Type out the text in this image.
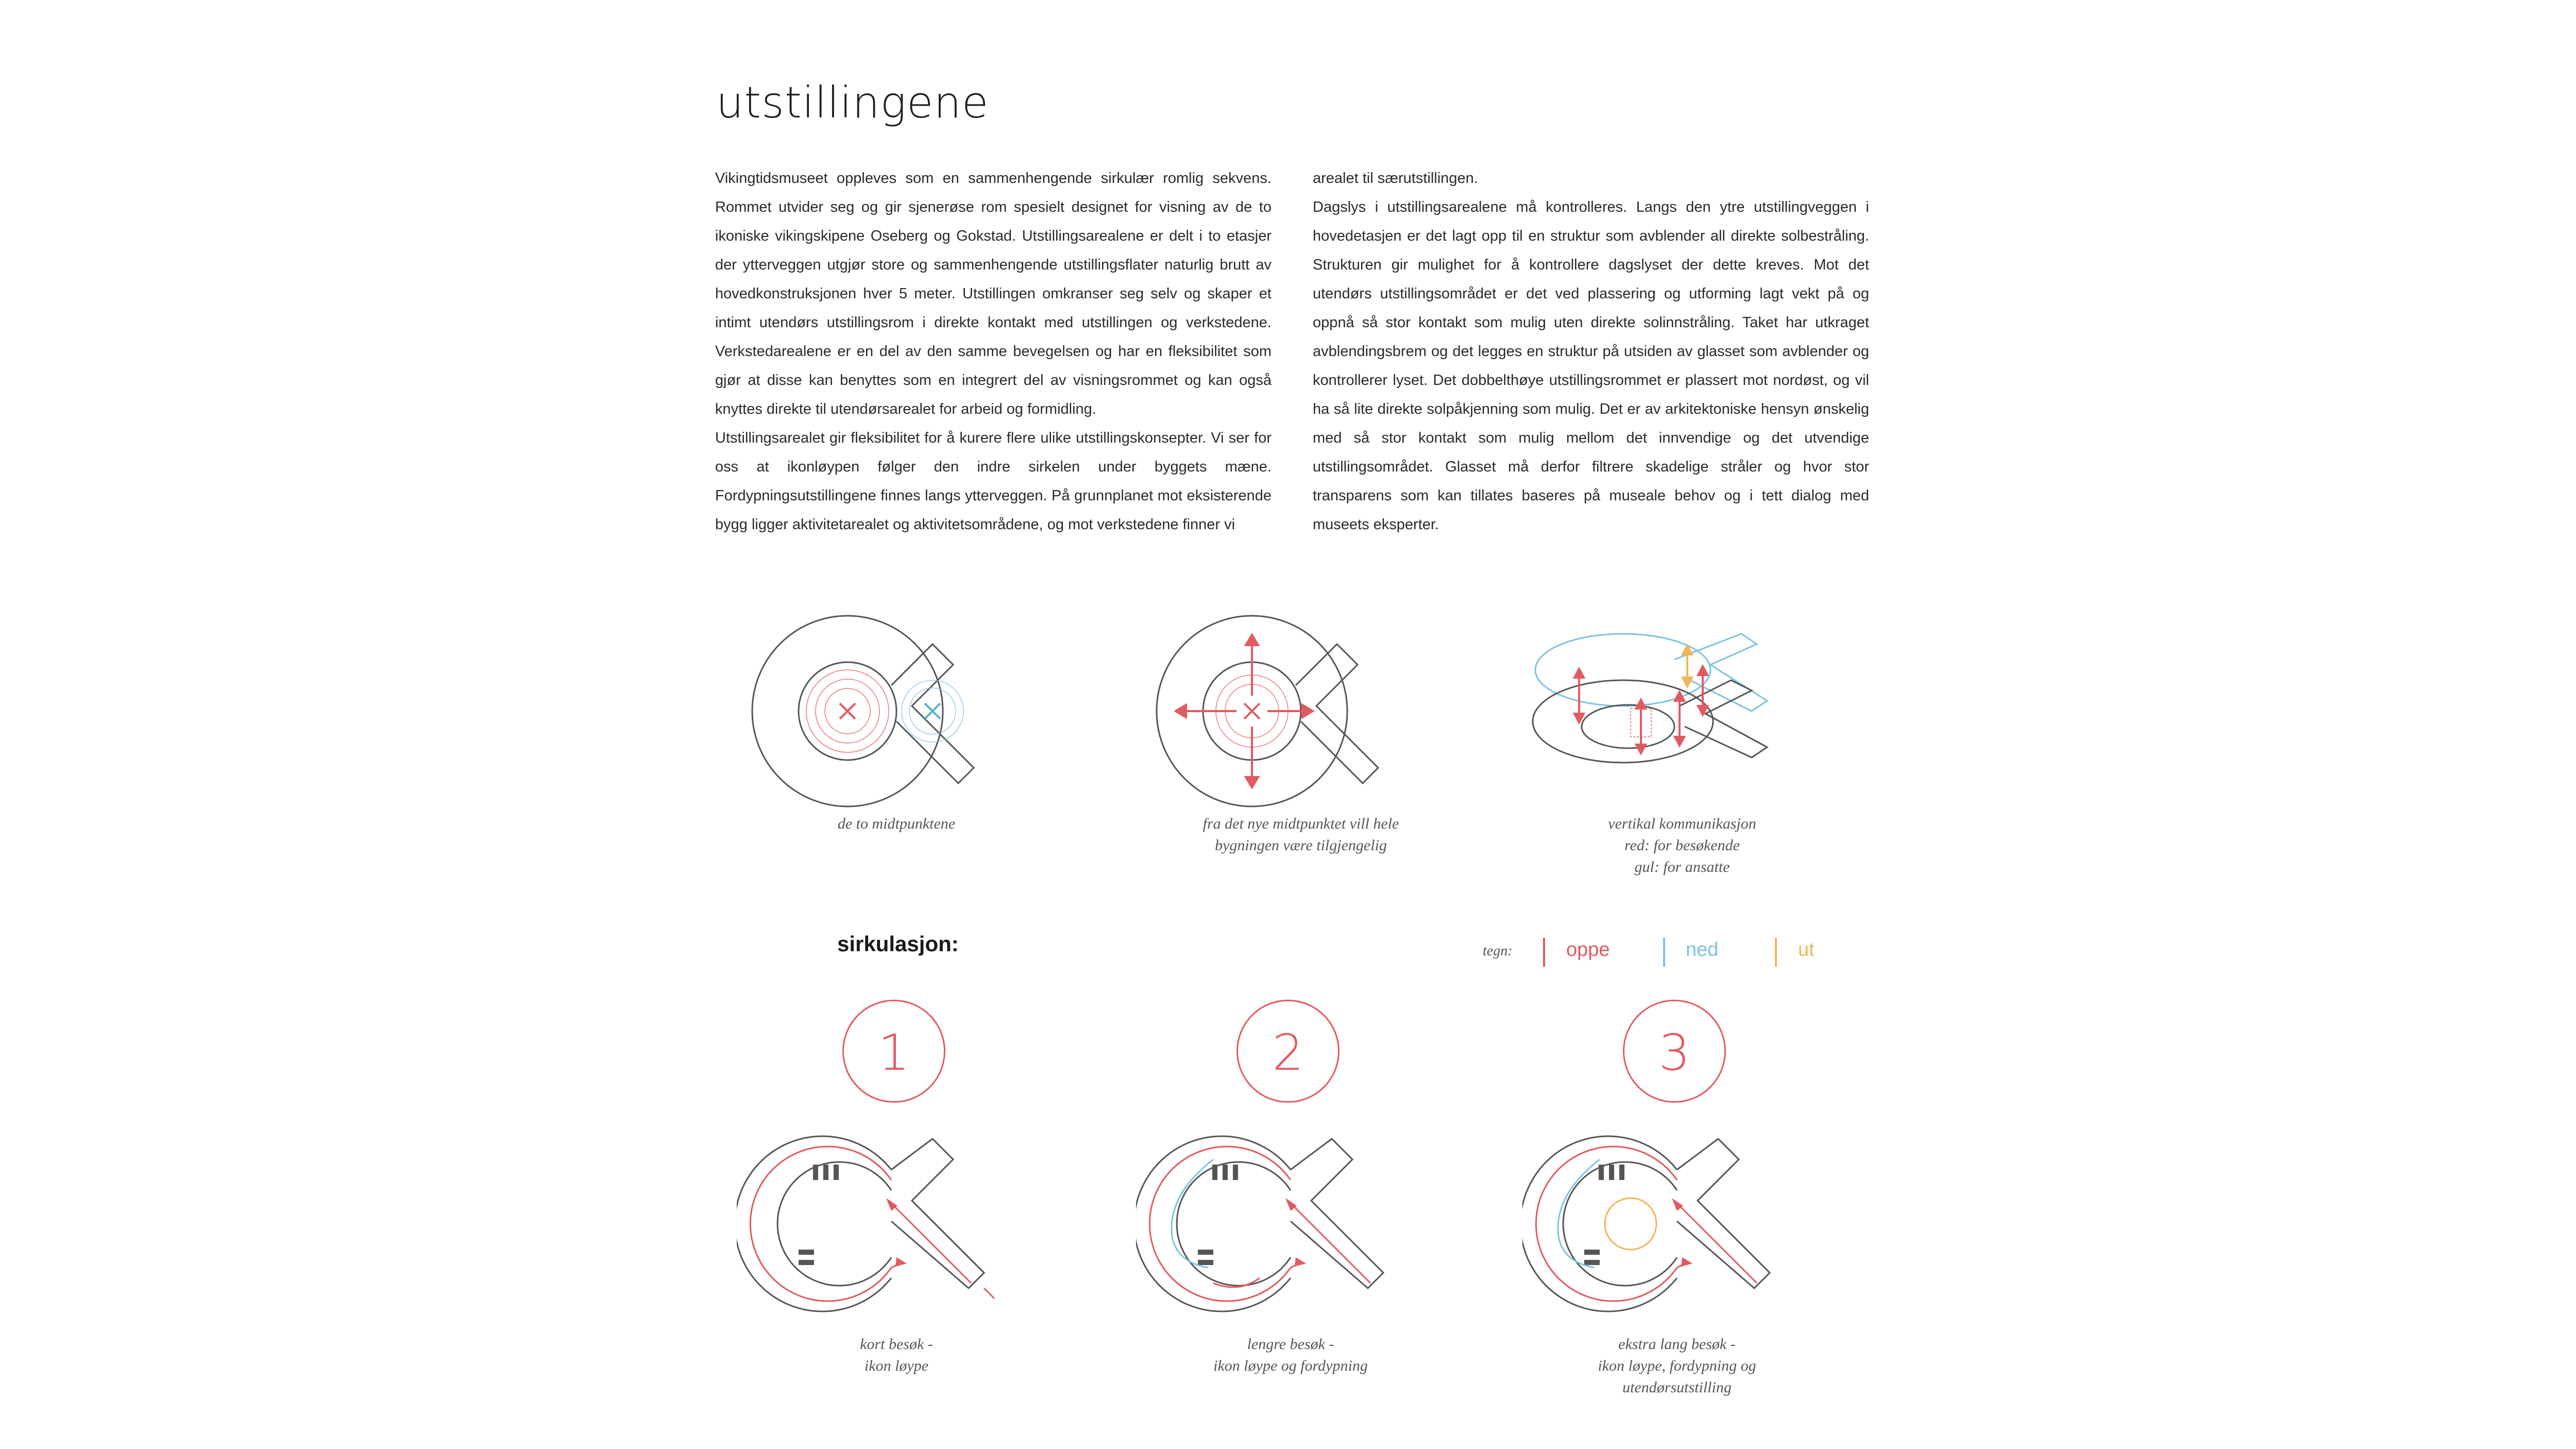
utstillingene

Vikingtidsmuseet oppleves som en sammenhengende sirkulær romlig sekvens. Rommet utvider seg og gir sjenerøse rom spesielt designet for visning av de to ikoniske vikingskipene Oseberg og Gokstad. Utstillingsarealene er delt i to etasjer der ytterveggen utgjør store og sammenhengende utstillingsflater naturlig brutt av hovedkonstruksjonen hver 5 meter. Utstillingen omkranser seg selv og skaper et intimt utendørs utstillingsrom i direkte kontakt med utstillingen og verkstedene. Verkstedarealene er en del av den samme bevegelsen og har en fleksibilitet som gjør at disse kan benyttes som en integrert del av visningsrommet og kan også knyttes direkte til utendørsarealet for arbeid og formidling.

Utstillingsarealet gir fleksibilitet for å kurere flere ulike utstillingskonsepter. Vi ser for oss at ikonløypen følger den indre sirkelen under byggets mæne. Fordypningsutstillingene finnes langs ytterveggen. På grunnplanet mot eksisterende bygg ligger aktivitetarealet og aktivitetsområdene, og mot verkstedene finner vi

arealet til særutstillingen.

Dagslys i utstillingsarealene må kontrolleres. Langs den ytre utstillingveggen i hovedetasjen er det lagt opp til en struktur som avblender all direkte solbestråling. Strukturen gir mulighet for å kontrollere dagslyset der dette kreves. Mot det utendørs utstillingsområdet er det ved plassering og utforming lagt vekt på og oppnå så stor kontakt som mulig uten direkte solinnstråling. Taket har utkraget avblendingsbrem og det legges en struktur på utsiden av glasset som avblender og kontrollerer lyset. Det dobbelthøye utstillingsrommet er plassert mot nordøst, og vil ha så lite direkte solpåkjenning som mulig. Det er av arkitektoniske hensyn ønskelig med så stor kontakt som mulig mellom det innvendige og det utvendige utstillingsområdet. Glasset må derfor filtrere skadelige stråler og hvor stor transparens som kan tillates baseres på museale behov og i tett dialog med museets eksperter.

de to midtpunktene	fra det nye midtpunktet vill hele
bygningen være tilgjengelig
vertikal kommunikasjon
red: for besøkende
gul: for ansatte
sirkulasjon:	tegn:	oppe	ned	ut
1	2	3
kort besøk -
ikon løype
lengre besøk -
ikon løype og fordypning
ekstra lang besøk -
ikon løype, fordypning og
utendørsutstilling
